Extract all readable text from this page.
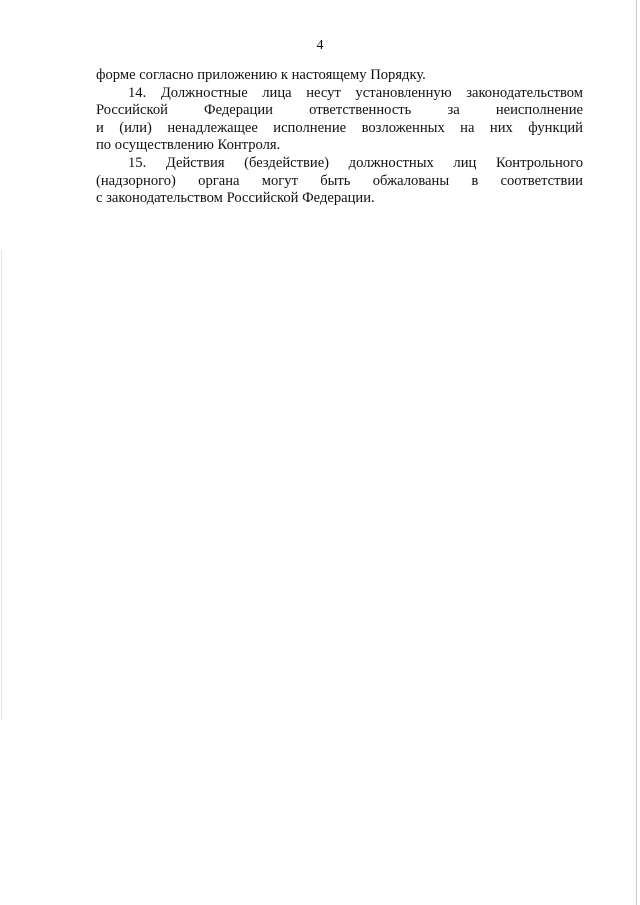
4
форме согласно приложению к настоящему Порядку.
14. Должностные лица несут установленную законодательством
Российской Федерации ответственность за неисполнение
и (или) ненадлежащее исполнение возложенных на них функций
по осуществлению Контроля.
15. Действия (бездействие) должностных лиц Контрольного
(надзорного) органа могут быть обжалованы в соответствии
с законодательством Российской Федерации.
